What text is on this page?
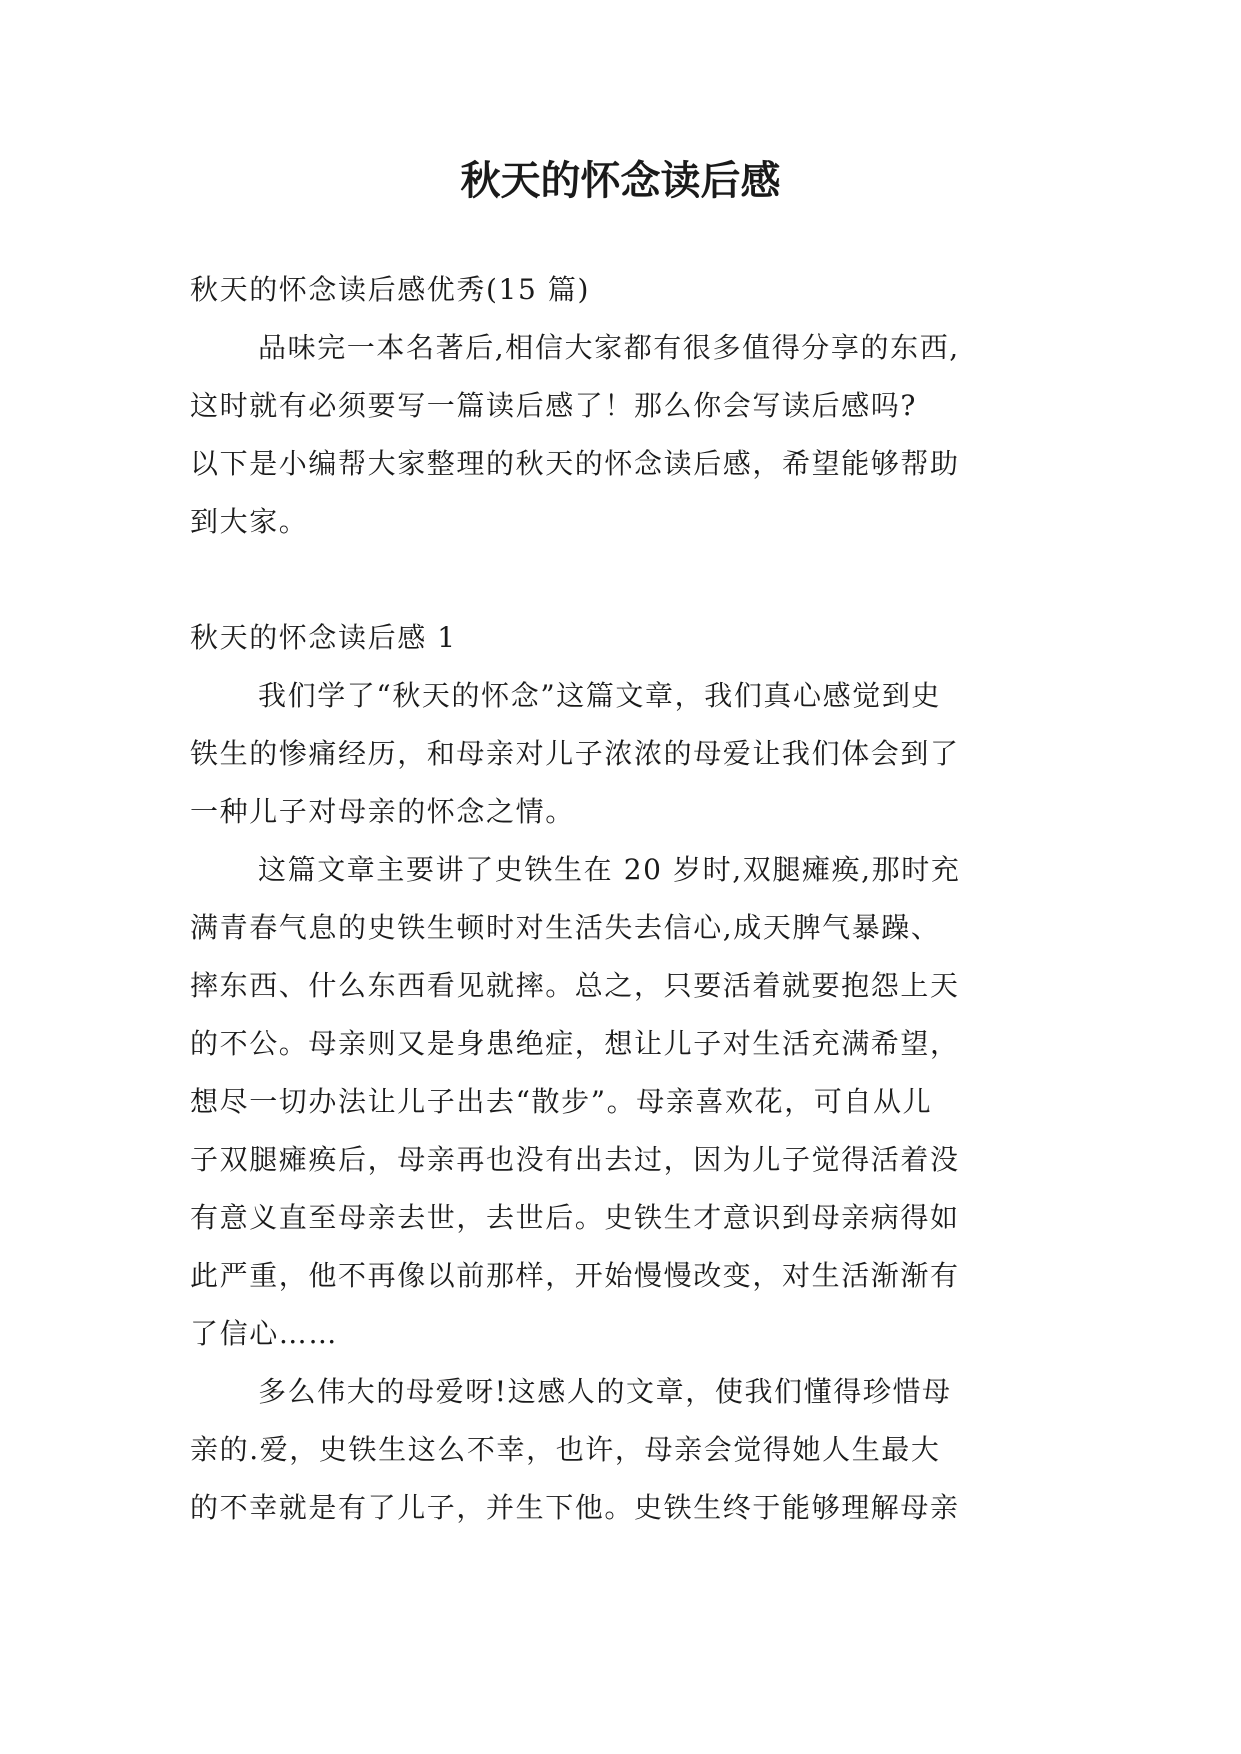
秋天的怀念读后感

秋天的怀念读后感优秀(15 篇)

品味完一本名著后,相信大家都有很多值得分享的东西,

这时就有必须要写一篇读后感了！那么你会写读后感吗?

以下是小编帮大家整理的秋天的怀念读后感，希望能够帮助

到大家。

秋天的怀念读后感 1

我们学了“秋天的怀念”这篇文章，我们真心感觉到史

铁生的惨痛经历，和母亲对儿子浓浓的母爱让我们体会到了

一种儿子对母亲的怀念之情。

这篇文章主要讲了史铁生在 20 岁时,双腿瘫痪,那时充

满青春气息的史铁生顿时对生活失去信心,成天脾气暴躁、

摔东西、什么东西看见就摔。总之，只要活着就要抱怨上天

的不公。母亲则又是身患绝症，想让儿子对生活充满希望，

想尽一切办法让儿子出去“散步”。母亲喜欢花，可自从儿

子双腿瘫痪后，母亲再也没有出去过，因为儿子觉得活着没

有意义直至母亲去世，去世后。史铁生才意识到母亲病得如

此严重，他不再像以前那样，开始慢慢改变，对生活渐渐有

了信心……

多么伟大的母爱呀!这感人的文章，使我们懂得珍惜母

亲的.爱，史铁生这么不幸，也许，母亲会觉得她人生最大

的不幸就是有了儿子，并生下他。史铁生终于能够理解母亲
